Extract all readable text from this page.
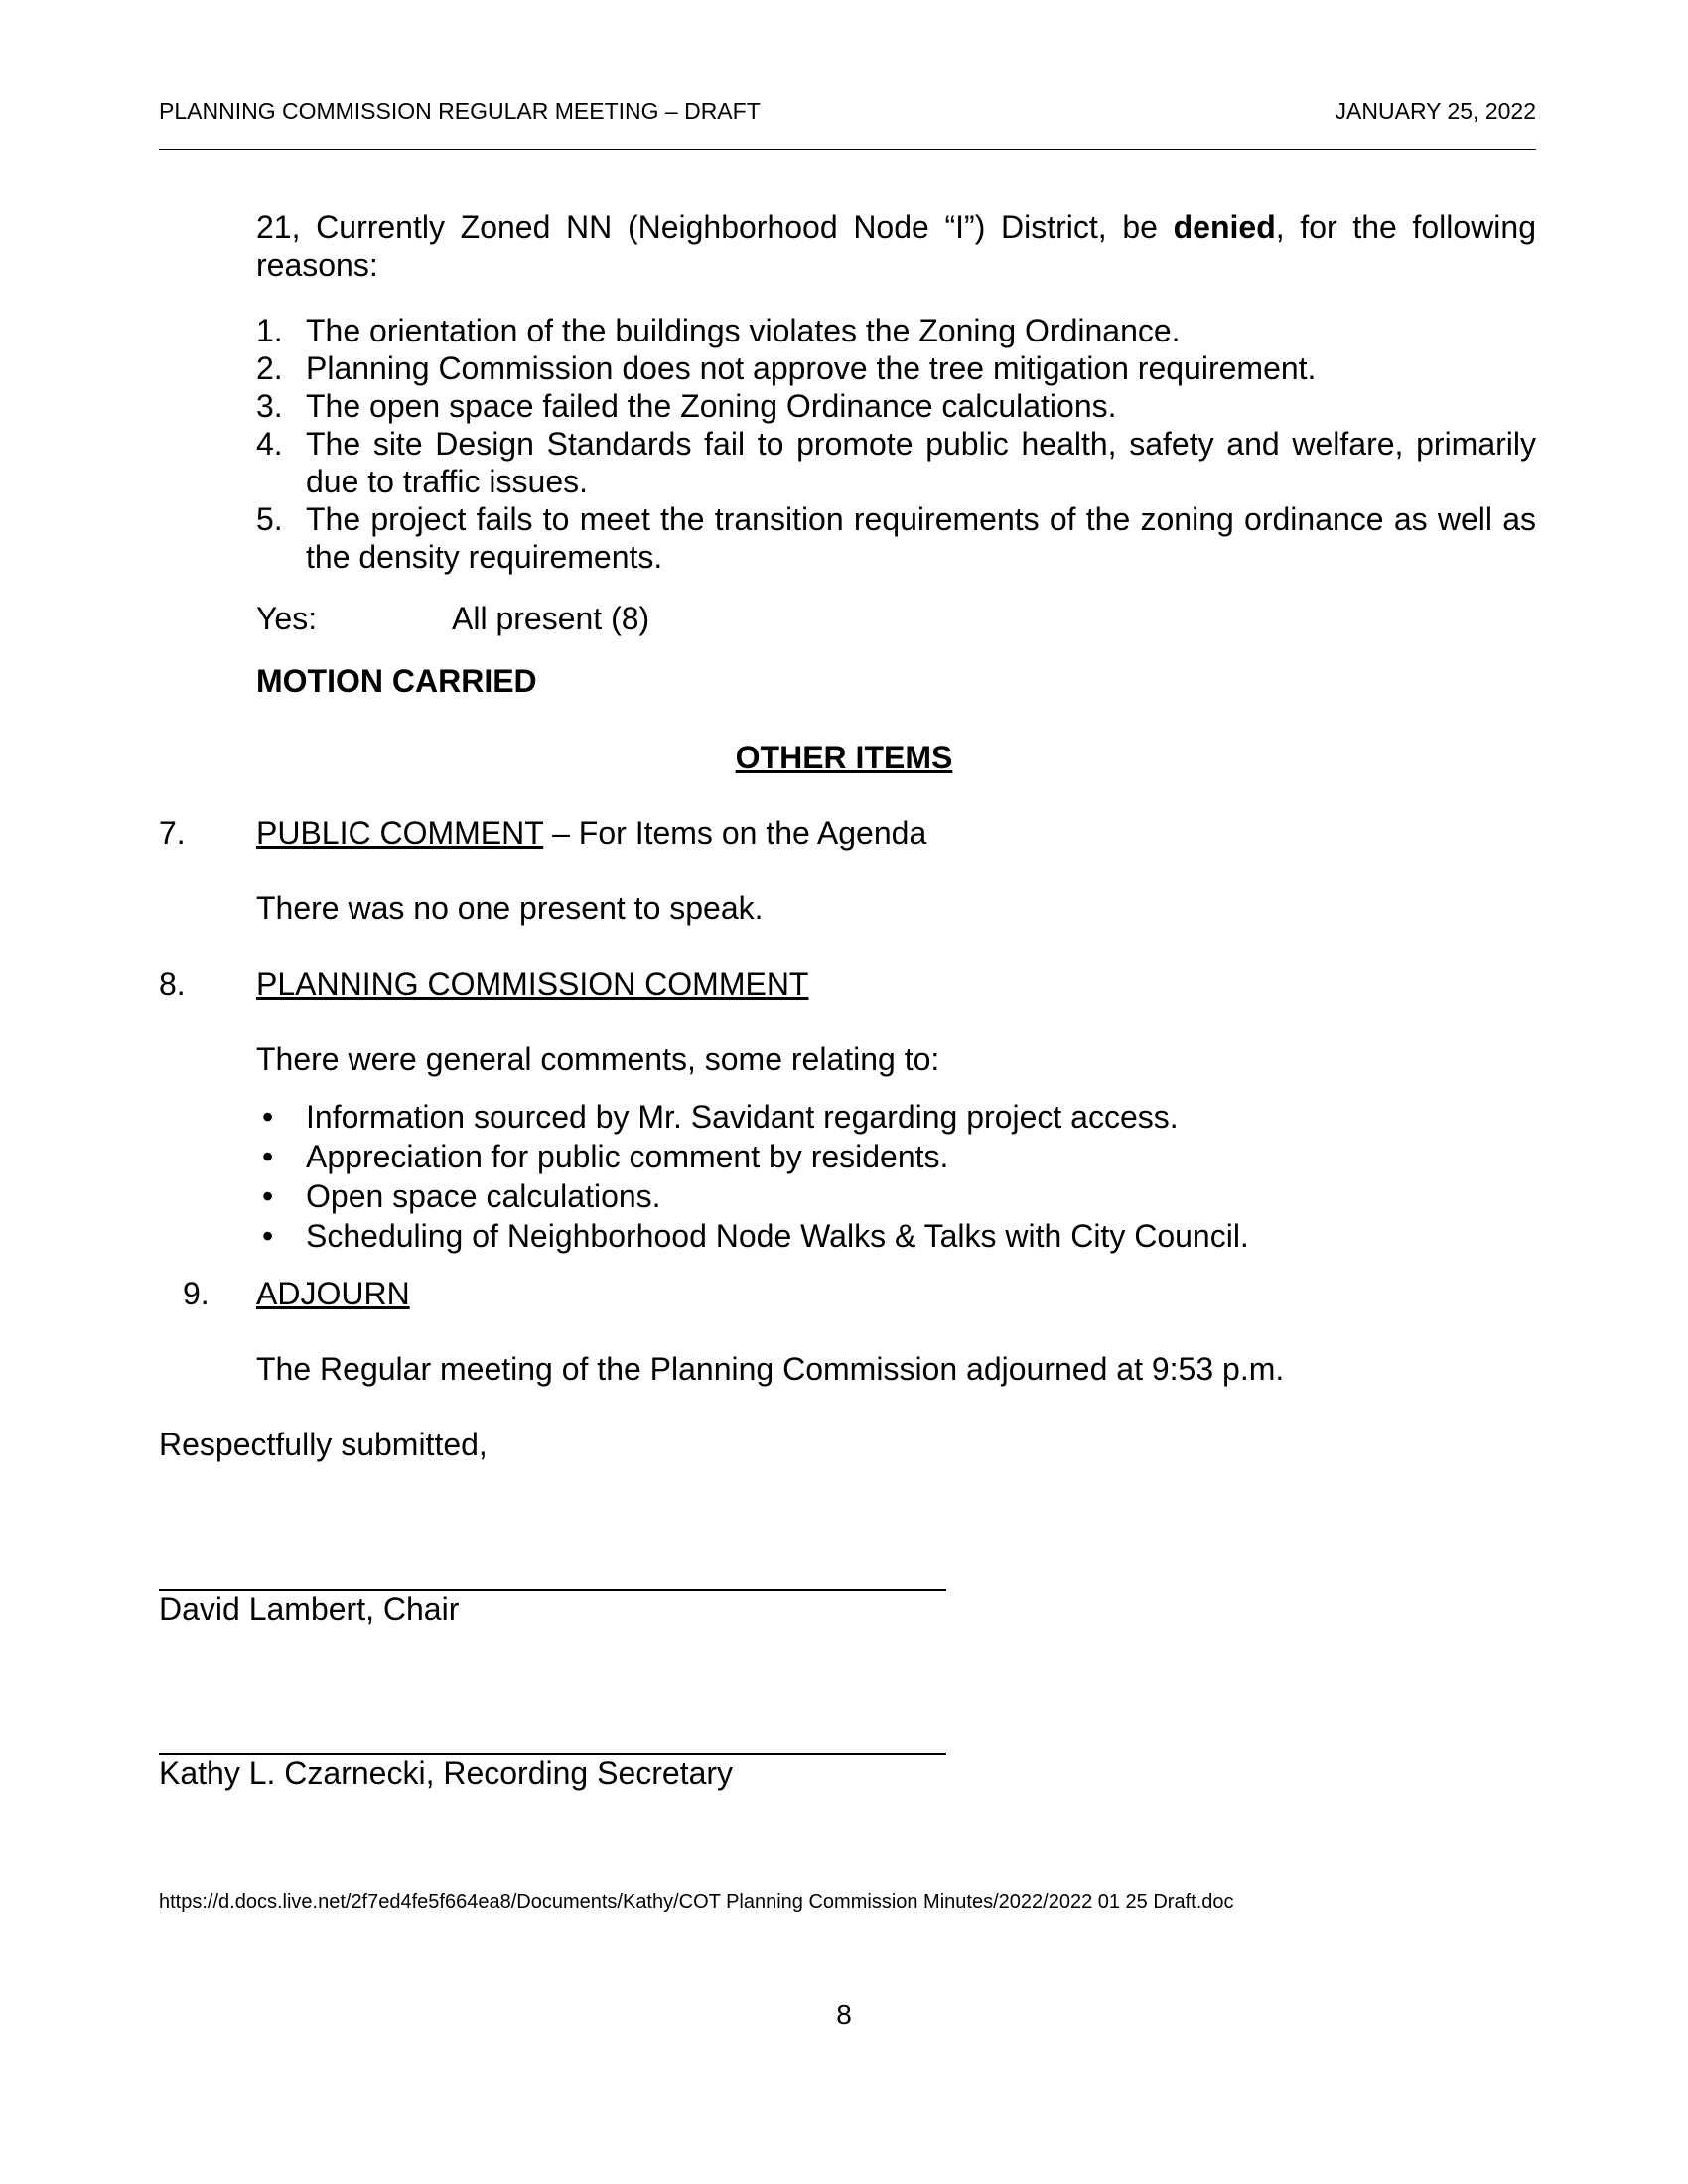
PLANNING COMMISSION REGULAR MEETING – DRAFT	JANUARY 25, 2022
21, Currently Zoned NN (Neighborhood Node “I”) District, be denied, for the following reasons:
1. The orientation of the buildings violates the Zoning Ordinance.
2. Planning Commission does not approve the tree mitigation requirement.
3. The open space failed the Zoning Ordinance calculations.
4. The site Design Standards fail to promote public health, safety and welfare, primarily due to traffic issues.
5. The project fails to meet the transition requirements of the zoning ordinance as well as the density requirements.
Yes:	All present (8)
MOTION CARRIED
OTHER ITEMS
7. PUBLIC COMMENT – For Items on the Agenda
There was no one present to speak.
8. PLANNING COMMISSION COMMENT
There were general comments, some relating to:
• Information sourced by Mr. Savidant regarding project access.
• Appreciation for public comment by residents.
• Open space calculations.
• Scheduling of Neighborhood Node Walks & Talks with City Council.
9. ADJOURN
The Regular meeting of the Planning Commission adjourned at 9:53 p.m.
Respectfully submitted,
David Lambert, Chair
Kathy L. Czarnecki, Recording Secretary
https://d.docs.live.net/2f7ed4fe5f664ea8/Documents/Kathy/COT Planning Commission Minutes/2022/2022 01 25 Draft.doc
8
